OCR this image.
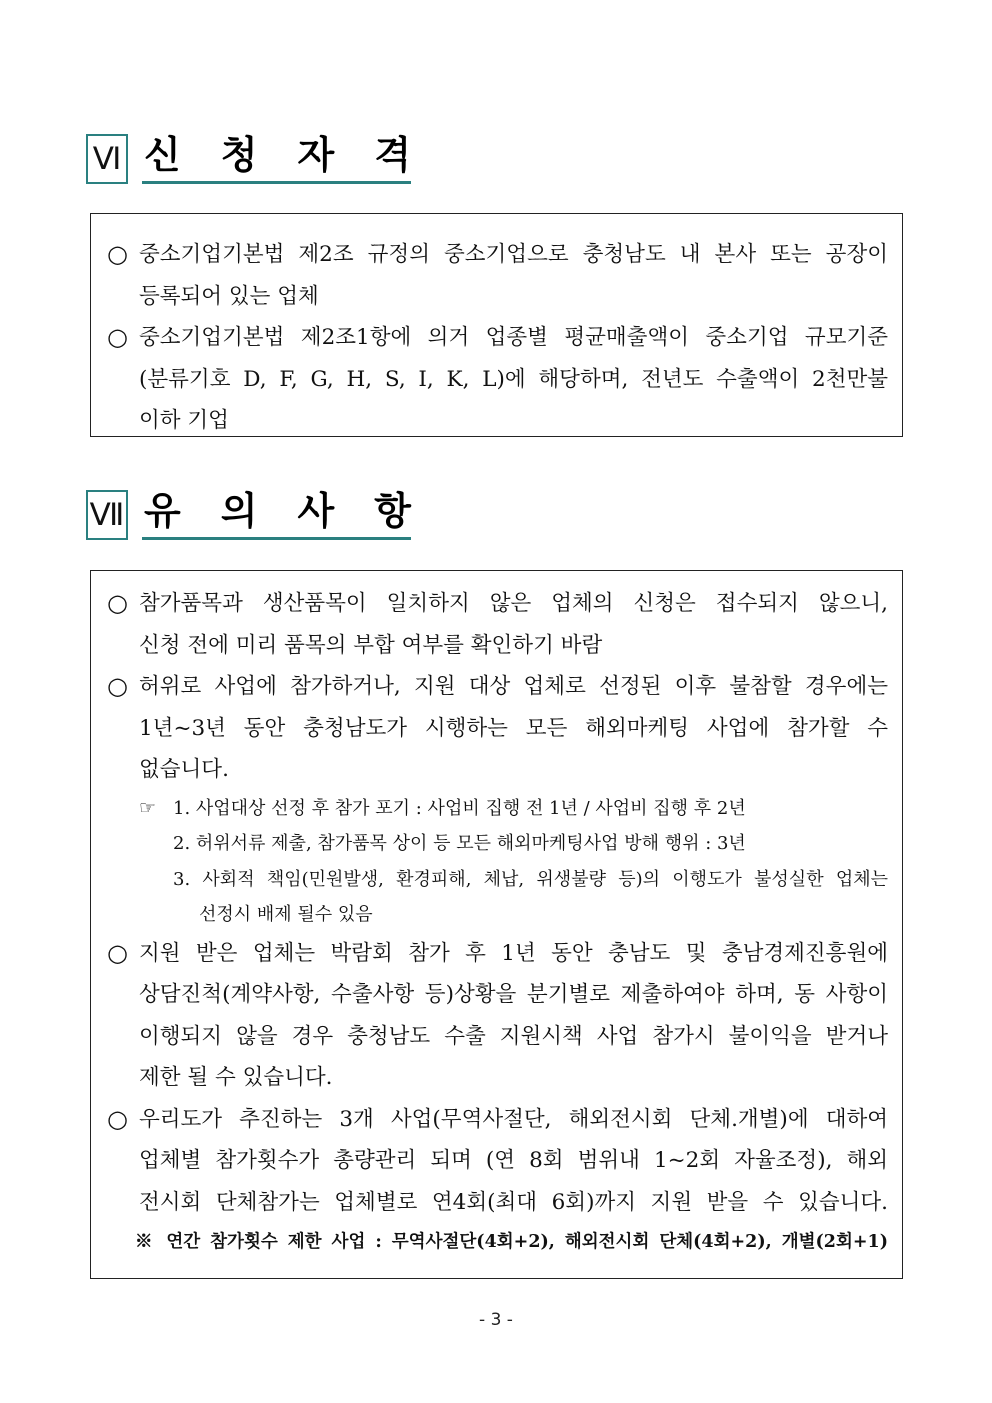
Ⅵ 신 청 자 격
○ 중소기업기본법 제2조 규정의 중소기업으로 충청남도 내 본사 또는 공장이
등록되어 있는 업체
○ 중소기업기본법 제2조1항에 의거 업종별 평균매출액이 중소기업 규모기준
(분류기호 D, F, G, H, S, I, K, L)에 해당하며, 전년도 수출액이 2천만불
이하 기업
Ⅶ 유 의 사 항
○ 참가품목과 생산품목이 일치하지 않은 업체의 신청은 접수되지 않으니,
신청 전에 미리 품목의 부합 여부를 확인하기 바람
○ 허위로 사업에 참가하거나, 지원 대상 업체로 선정된 이후 불참할 경우에는
1년~3년 동안 충청남도가 시행하는 모든 해외마케팅 사업에 참가할 수
없습니다.
☞ 1. 사업대상 선정 후 참가 포기 : 사업비 집행 전 1년 / 사업비 집행 후 2년
2. 허위서류 제출, 참가품목 상이 등 모든 해외마케팅사업 방해 행위 : 3년
3. 사회적 책임(민원발생, 환경피해, 체납, 위생불량 등)의 이행도가 불성실한 업체는
선정시 배제 될수 있음
○ 지원 받은 업체는 박람회 참가 후 1년 동안 충남도 및 충남경제진흥원에
상담진척(계약사항, 수출사항 등)상황을 분기별로 제출하여야 하며, 동 사항이
이행되지 않을 경우 충청남도 수출 지원시책 사업 참가시 불이익을 받거나
제한 될 수 있습니다.
○ 우리도가 추진하는 3개 사업(무역사절단, 해외전시회 단체.개별)에 대하여
업체별 참가횟수가 총량관리 되며 (연 8회 범위내 1~2회 자율조정), 해외
전시회 단체참가는 업체별로 연4회(최대 6회)까지 지원 받을 수 있습니다.
※ 연간 참가횟수 제한 사업 : 무역사절단(4회+2), 해외전시회 단체(4회+2), 개별(2회+1)
- 3 -
